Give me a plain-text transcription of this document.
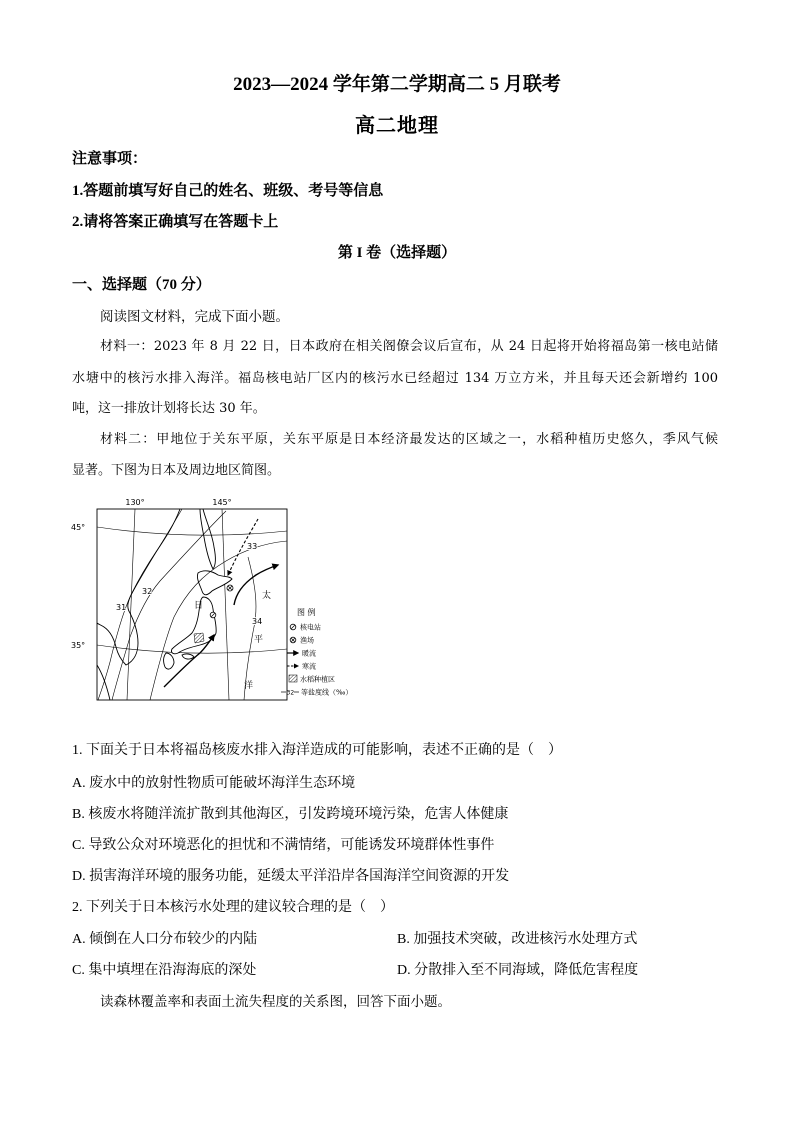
2023—2024 学年第二学期高二 5 月联考
高二地理
注意事项：
1.答题前填写好自己的姓名、班级、考号等信息
2.请将答案正确填写在答题卡上
第 I 卷（选择题）
一、选择题（70 分）
阅读图文材料，完成下面小题。
材料一：2023 年 8 月 22 日，日本政府在相关阁僚会议后宣布，从 24 日起将开始将福岛第一核电站储
水塘中的核污水排入海洋。福岛核电站厂区内的核污水已经超过 134 万立方米，并且每天还会新增约 100
吨，这一排放计划将长达 30 年。
材料二：甲地位于关东平原，关东平原是日本经济最发达的区域之一，水稻种植历史悠久，季风气候
显著。下图为日本及周边地区简图。
130°	145°
45°
35°
33
32
31
34
日
太
平
洋
图 例
核电站
渔场
暖流
寒流
水稻种植区
32 等盐度线（‰）
1. 下面关于日本将福岛核废水排入海洋造成的可能影响，表述不正确的是（　）
A. 废水中的放射性物质可能破坏海洋生态环境
B. 核废水将随洋流扩散到其他海区，引发跨境环境污染，危害人体健康
C. 导致公众对环境恶化的担忧和不满情绪，可能诱发环境群体性事件
D. 损害海洋环境的服务功能，延缓太平洋沿岸各国海洋空间资源的开发
2. 下列关于日本核污水处理的建议较合理的是（　）
A. 倾倒在人口分布较少的内陆	B. 加强技术突破，改进核污水处理方式
C. 集中填埋在沿海海底的深处	D. 分散排入至不同海域，降低危害程度
读森林覆盖率和表面土流失程度的关系图，回答下面小题。
